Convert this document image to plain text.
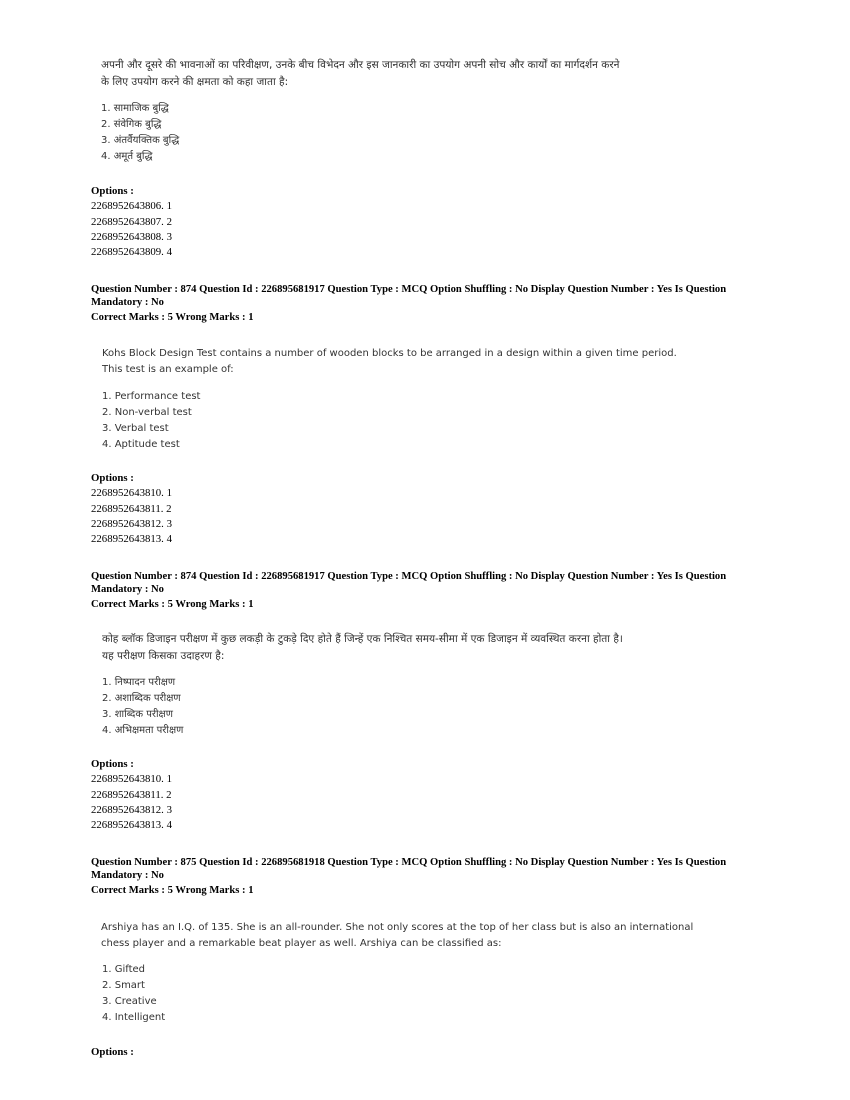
अपनी और दूसरे की भावनाओं का परिवीक्षण, उनके बीच विभेदन और इस जानकारी का उपयोग अपनी सोच और कार्यों का मार्गदर्शन करने
के लिए उपयोग करने की क्षमता को कहा जाता है:
1. सामाजिक बुद्धि
2. संवेगिक बुद्धि
3. अंतर्वैयक्तिक बुद्धि
4. अमूर्त बुद्धि
Options :
2268952643806. 1
2268952643807. 2
2268952643808. 3
2268952643809. 4
Question Number : 874 Question Id : 226895681917 Question Type : MCQ Option Shuffling : No Display Question Number : Yes Is Question
Mandatory : No
Correct Marks : 5 Wrong Marks : 1
Kohs Block Design Test contains a number of wooden blocks to be arranged in a design within a given time period.
This test is an example of:
1. Performance test
2. Non-verbal test
3. Verbal test
4. Aptitude test
Options :
2268952643810. 1
2268952643811. 2
2268952643812. 3
2268952643813. 4
Question Number : 874 Question Id : 226895681917 Question Type : MCQ Option Shuffling : No Display Question Number : Yes Is Question
Mandatory : No
Correct Marks : 5 Wrong Marks : 1
कोह ब्लॉक डिजाइन परीक्षण में कुछ लकड़ी के टुकड़े दिए होते हैं जिन्हें एक निश्चित समय-सीमा में एक डिजाइन में व्यवस्थित करना होता है।
यह परीक्षण किसका उदाहरण है:
1. निष्पादन परीक्षण
2. अशाब्दिक परीक्षण
3. शाब्दिक परीक्षण
4. अभिक्षमता परीक्षण
Options :
2268952643810. 1
2268952643811. 2
2268952643812. 3
2268952643813. 4
Question Number : 875 Question Id : 226895681918 Question Type : MCQ Option Shuffling : No Display Question Number : Yes Is Question
Mandatory : No
Correct Marks : 5 Wrong Marks : 1
Arshiya has an I.Q. of 135. She is an all-rounder. She not only scores at the top of her class but is also an international
chess player and a remarkable beat player as well. Arshiya can be classified as:
1. Gifted
2. Smart
3. Creative
4. Intelligent
Options :
